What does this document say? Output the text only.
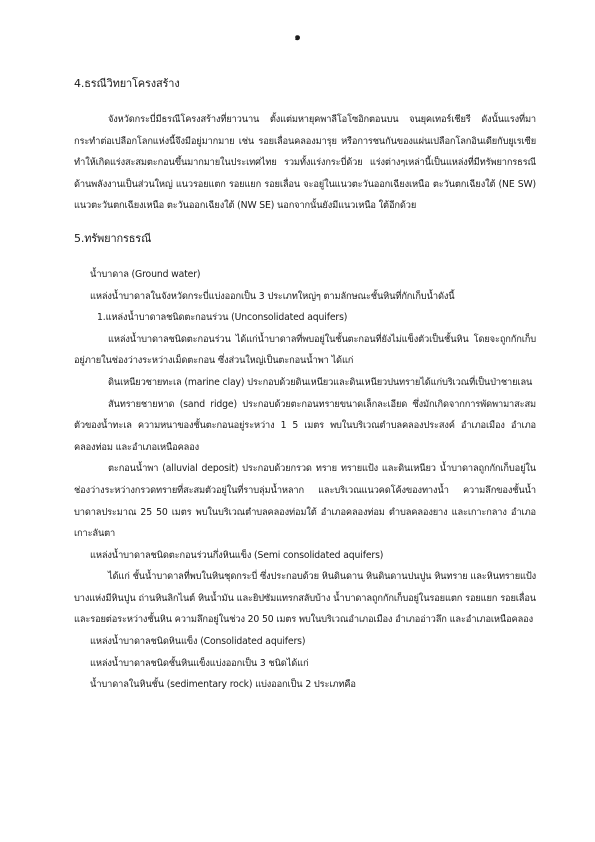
๑

4.ธรณีวิทยาโครงสร้าง

จังหวัดกระบี่มีธรณีโครงสร้างที่ยาวนาน ตั้งแต่มหายุคพาลีโอโซอิกตอนบน จนยุคเทอร์เชียรี ดังนั้นแรงที่มากระทำต่อเปลือกโลกแห่งนี้จึงมีอยู่มากมาย เช่น รอยเลื่อนคลองมารุย หรือการชนกันของแผ่นเปลือกโลกอินเดียกับยูเรเซีย ทำให้เกิดแร่งสะสมตะกอนขึ้นมากมายในประเทศไทย รวมทั้งแร่งกระบี่ด้วย แร่งต่างๆเหล่านี้เป็นแหล่งที่มีทรัพยากรธรณี ด้านพลังงานเป็นส่วนใหญ่ แนวรอยแตก รอยแยก รอยเลื่อน จะอยู่ในแนวตะวันออกเฉียงเหนือ ตะวันตกเฉียงใต้ (NE SW) แนวตะวันตกเฉียงเหนือ ตะวันออกเฉียงใต้ (NW SE) นอกจากนั้นยังมีแนวเหนือ ใต้อีกด้วย

5.ทรัพยากรธรณี

น้ำบาดาล (Ground water)

แหล่งน้ำบาดาลในจังหวัดกระบี่แบ่งออกเป็น 3 ประเภทใหญ่ๆ ตามลักษณะชั้นหินที่กักเก็บน้ำดังนี้

1.แหล่งน้ำบาดาลชนิดตะกอนร่วน (Unconsolidated aquifers)

แหล่งน้ำบาดาลชนิดตะกอนร่วน ได้แก่น้ำบาดาลที่พบอยู่ในชั้นตะกอนที่ยังไม่แข็งตัวเป็นชั้นหิน โดยจะถูกกักเก็บอยู่ภายในช่องว่างระหว่างเม็ดตะกอน ซึ่งส่วนใหญ่เป็นตะกอนน้ำพา ได้แก่

ดินเหนียวชายทะเล (marine clay) ประกอบด้วยดินเหนียวและดินเหนียวปนทรายได้แก่บริเวณที่เป็นป่าชายเลน

สันทรายชายหาด (sand ridge) ประกอบด้วยตะกอนทรายขนาดเล็กละเอียด ซึ่งมักเกิดจากการพัดพามาสะสมตัวของน้ำทะเล ความหนาของชั้นตะกอนอยู่ระหว่าง 1 5 เมตร พบในบริเวณตำบลคลองประสงค์ อำเภอเมือง อำเภอคลองท่อม และอำเภอเหนือคลอง

ตะกอนน้ำพา (alluvial deposit) ประกอบด้วยกรวด ทราย ทรายแป้ง และดินเหนียว น้ำบาดาลถูกกักเก็บอยู่ในช่องว่างระหว่างกรวดทรายที่สะสมตัวอยู่ในที่ราบลุ่มน้ำหลาก และบริเวณแนวคดโค้งของทางน้ำ ความลึกของชั้นน้ำบาดาลประมาณ 25 50 เมตร พบในบริเวณตำบลคลองท่อมใต้ อำเภอคลองท่อม ตำบลคลองยาง และเกาะกลาง อำเภอเกาะลันตา

แหล่งน้ำบาดาลชนิดตะกอนร่วนกึ่งหินแข็ง (Semi consolidated aquifers)

ได้แก่ ชั้นน้ำบาดาลที่พบในหินชุดกระบี่ ซึ่งประกอบด้วย หินดินดาน หินดินดานปนปูน หินทราย และหินทรายแป้ง บางแห่งมีหินปูน ถ่านหินลิกไนต์ หินน้ำมัน และยิปซัมแทรกสลับบ้าง น้ำบาดาลถูกกักเก็บอยู่ในรอยแตก รอยแยก รอยเลื่อน และรอยต่อระหว่างชั้นหิน ความลึกอยู่ในช่วง 20 50 เมตร พบในบริเวณอำเภอเมือง อำเภออ่าวลึก และอำเภอเหนือคลอง

แหล่งน้ำบาดาลชนิดหินแข็ง (Consolidated aquifers)

แหล่งน้ำบาดาลชนิดชั้นหินแข็งแบ่งออกเป็น 3 ชนิดได้แก่

น้ำบาดาลในหินชั้น (sedimentary rock) แบ่งออกเป็น 2 ประเภทคือ
